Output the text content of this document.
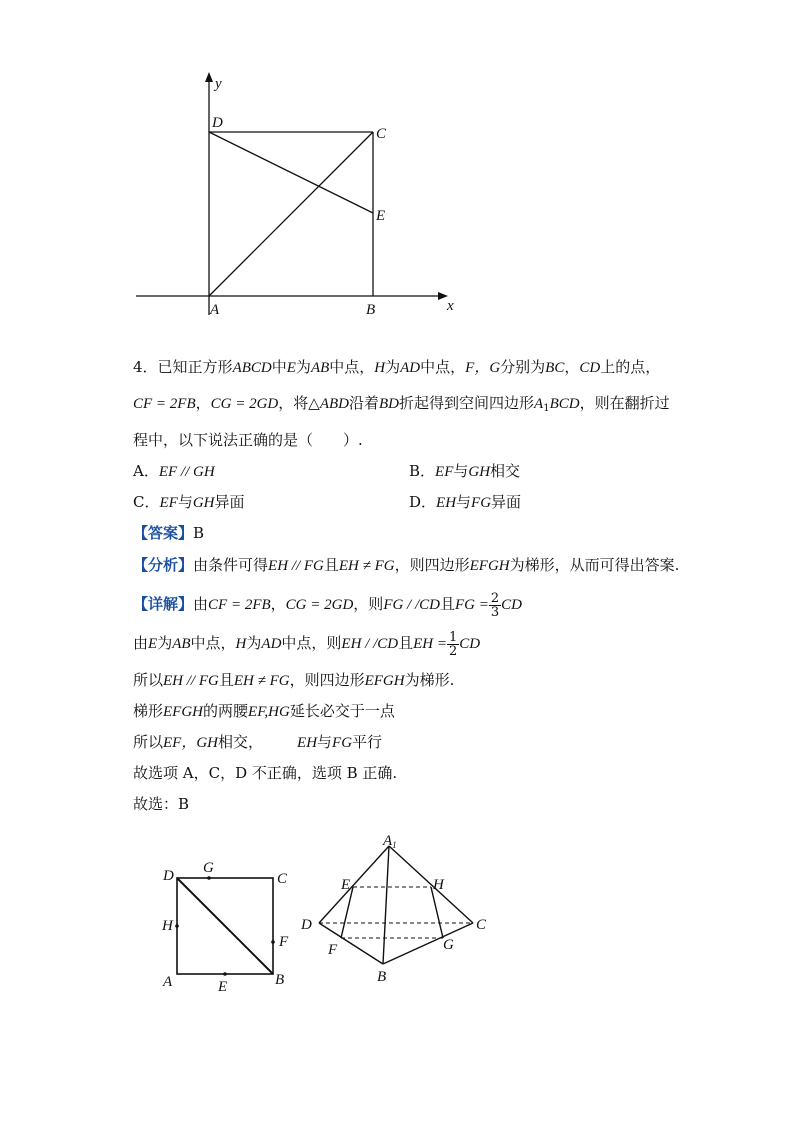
y
D
C
E
A	B	x
4．已知正方形ABCD中E为AB中点，H为AD中点，F，G分别为BC，CD上的点，
CF = 2FB，CG = 2GD，将△ABD沿着BD折起得到空间四边形$A_1BCD$，则在翻折过
程中，以下说法正确的是（　　）.
A．EF // GH	B．EF与GH相交
C．EF与GH异面	D．EH与FG异面
【答案】B
【分析】由条件可得EH // FG且EH ≠ FG，则四边形EFGH为梯形，从而可得出答案.
【详解】由CF = 2FB，CG = 2GD，则FG / /CD且FG = $\frac{2}{3}$ CD
由E为AB中点，H为AD中点，则EH / /CD且EH = $\frac{1}{2}$ CD
所以EH // FG且EH ≠ FG，则四边形EFGH为梯形.
梯形EFGH的两腰EF,HG延长必交于一点
所以EF，GH相交， EH与FG平行
故选项 A，C，D 不正确，选项 B 正确.
故选：B
D G
C
H
F
A	E	B
$A_1$
E	H
D	C
F	G
B
